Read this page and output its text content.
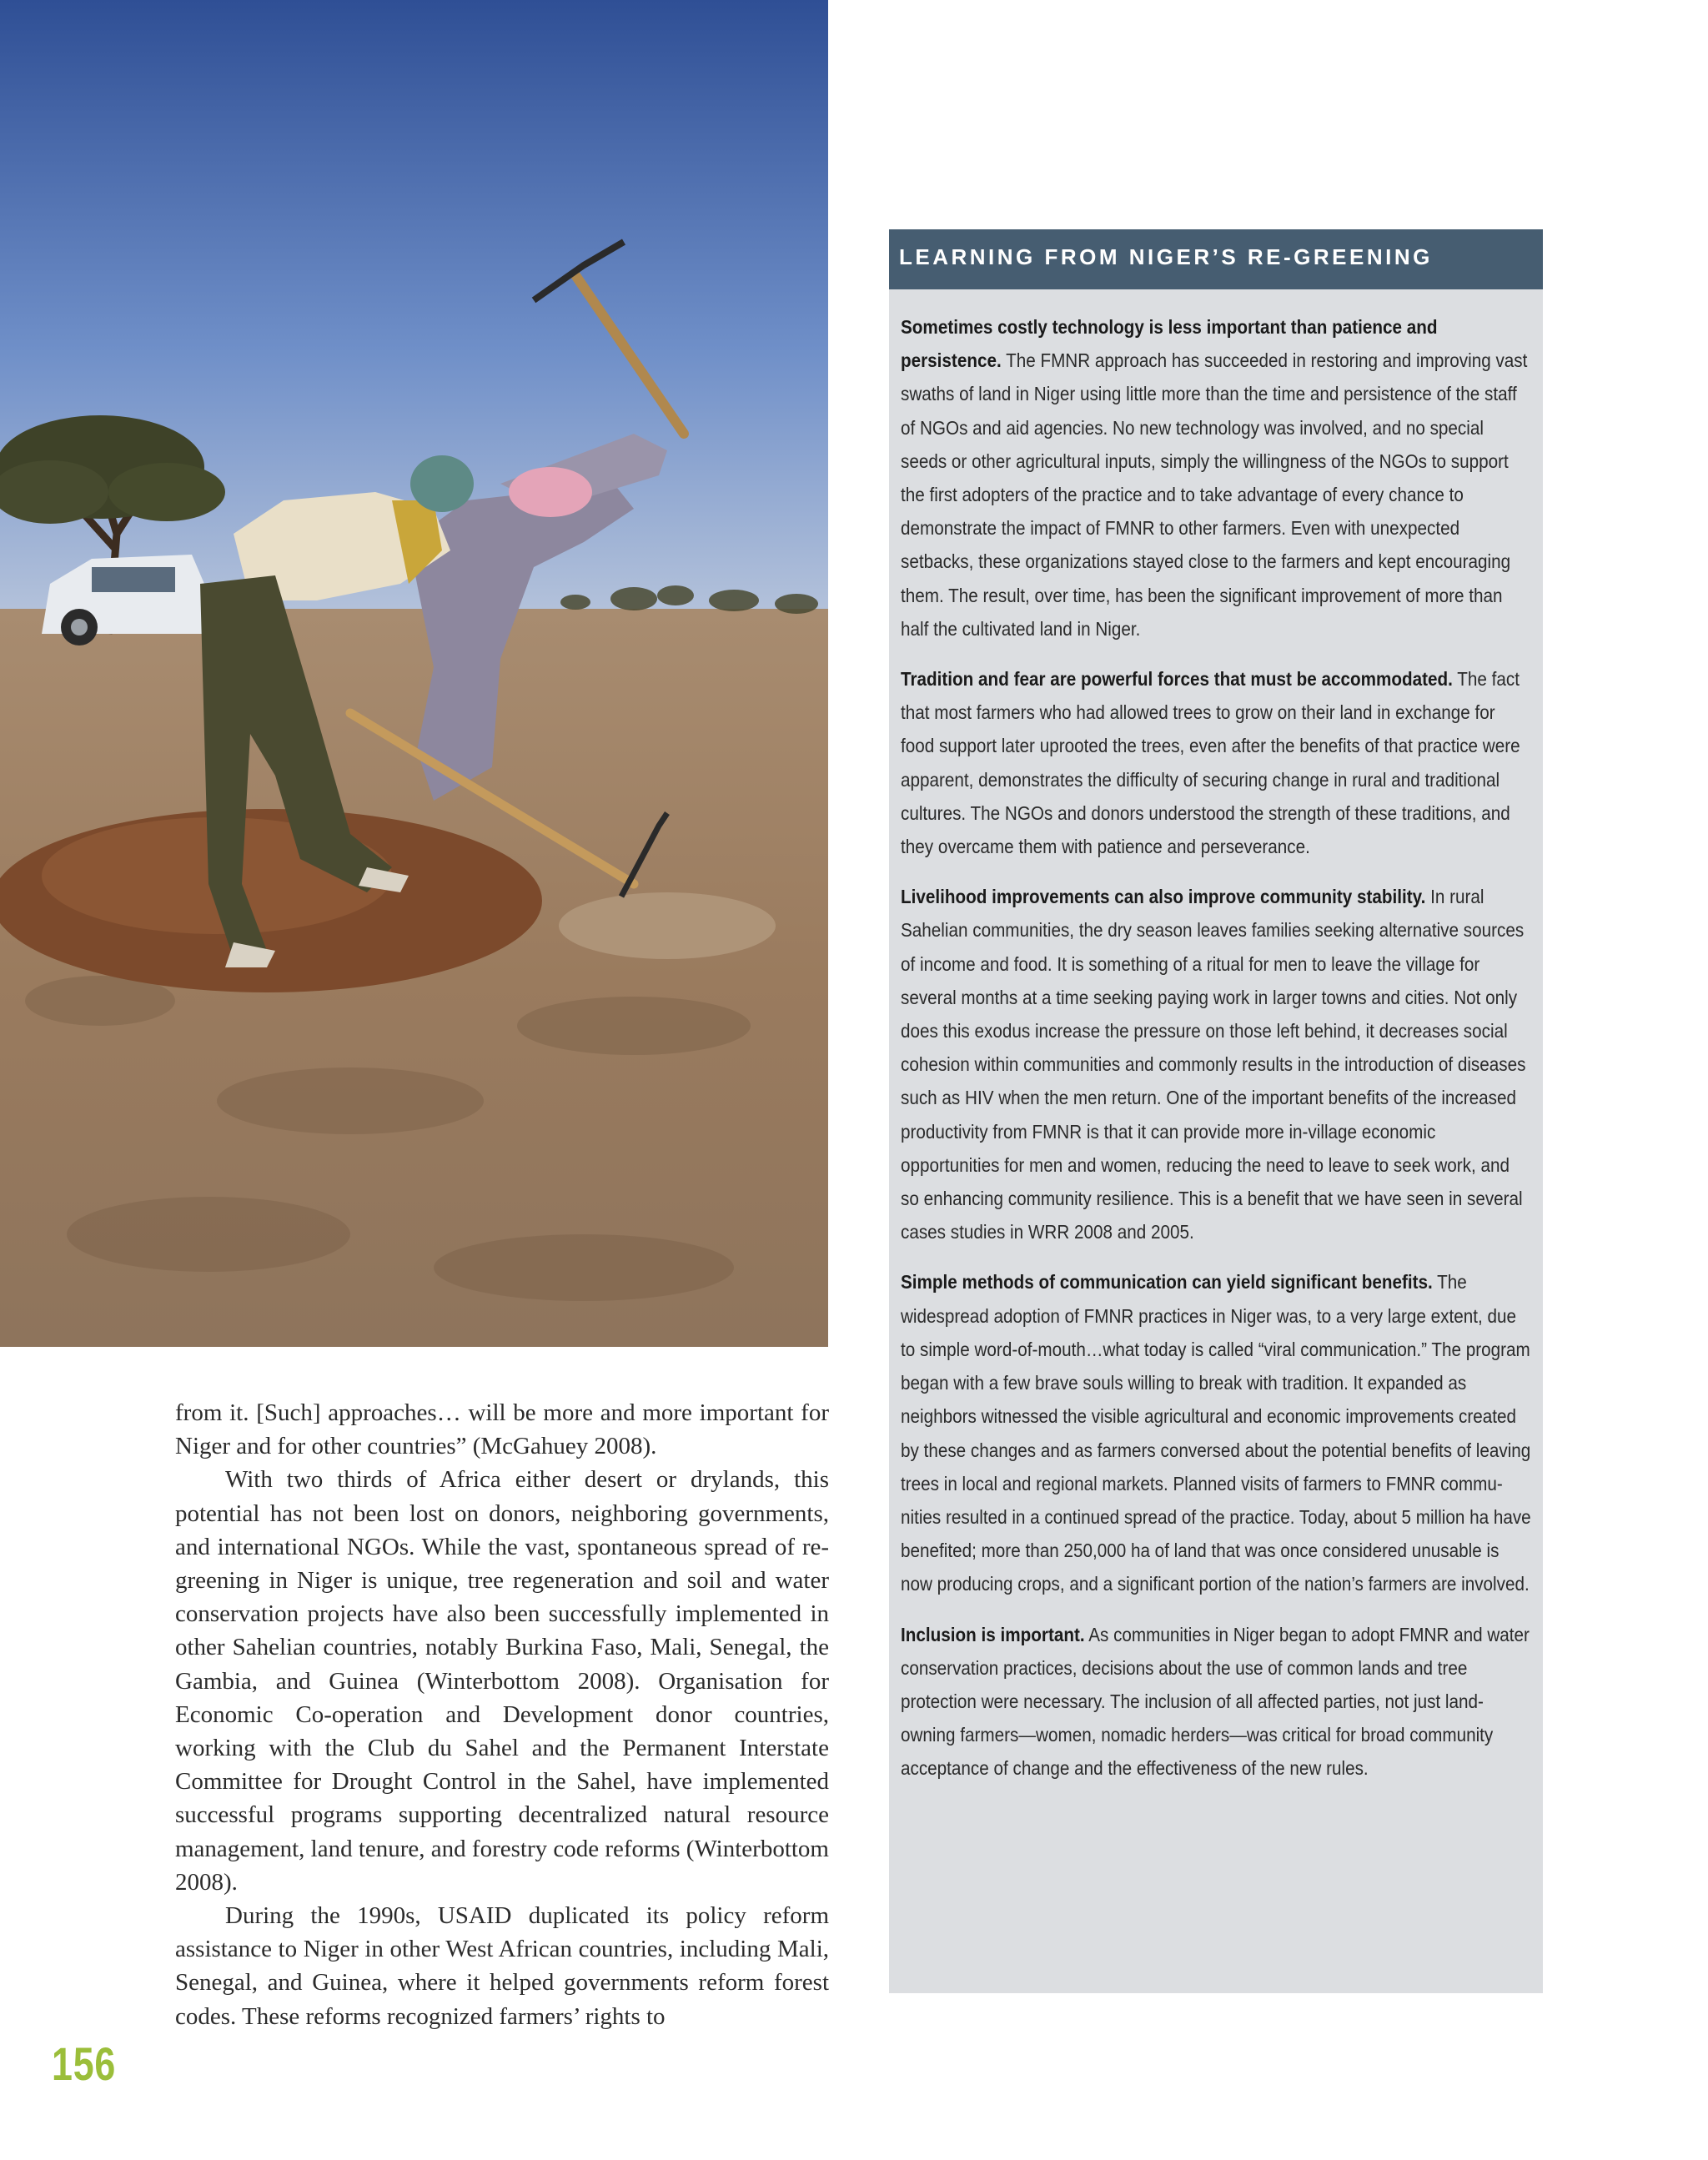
LEARNING FROM NIGER’S RE-GREENING

Sometimes costly technology is less important than patience and persistence. The FMNR approach has succeeded in restoring and improving vast swaths of land in Niger using little more than the time and persistence of the staff of NGOs and aid agencies. No new technology was involved, and no special seeds or other agricultural inputs, simply the willingness of the NGOs to support the first adopters of the practice and to take advantage of every chance to demonstrate the impact of FMNR to other farmers. Even with unexpected setbacks, these organizations stayed close to the farmers and kept encouraging them. The result, over time, has been the significant improvement of more than half the cultivated land in Niger.

Tradition and fear are powerful forces that must be accommodated. The fact that most farmers who had allowed trees to grow on their land in exchange for food support later uprooted the trees, even after the benefits of that practice were apparent, demonstrates the difficulty of securing change in rural and traditional cultures. The NGOs and donors understood the strength of these traditions, and they overcame them with patience and perseverance.

Livelihood improvements can also improve community stability. In rural Sahelian communities, the dry season leaves families seeking alternative sources of income and food. It is something of a ritual for men to leave the village for several months at a time seeking paying work in larger towns and cities. Not only does this exodus increase the pressure on those left behind, it decreases social cohesion within communities and commonly results in the introduction of diseases such as HIV when the men return. One of the important benefits of the increased productivity from FMNR is that it can provide more in-village economic opportunities for men and women, reducing the need to leave to seek work, and so enhancing community resilience. This is a benefit that we have seen in several cases studies in WRR 2008 and 2005.

Simple methods of communication can yield significant benefits. The widespread adoption of FMNR practices in Niger was, to a very large extent, due to simple word-of-mouth…what today is called “viral communication.” The program began with a few brave souls willing to break with tradition. It expanded as neighbors witnessed the visible agricultural and economic improvements created by these changes and as farmers conversed about the potential benefits of leaving trees in local and regional markets. Planned visits of farmers to FMNR communities resulted in a continued spread of the practice. Today, about 5 million ha have benefited; more than 250,000 ha of land that was once considered unusable is now producing crops, and a significant portion of the nation’s farmers are involved.

Inclusion is important. As communities in Niger began to adopt FMNR and water conservation practices, decisions about the use of common lands and tree protection were necessary. The inclusion of all affected parties, not just land-owning farmers—women, nomadic herders—was critical for broad community acceptance of change and the effectiveness of the new rules.

from it. [Such] approaches… will be more and more important for Niger and for other countries” (McGahuey 2008).

With two thirds of Africa either desert or drylands, this potential has not been lost on donors, neighboring governments, and international NGOs. While the vast, spontaneous spread of re-greening in Niger is unique, tree regeneration and soil and water conservation projects have also been successfully implemented in other Sahelian countries, notably Burkina Faso, Mali, Senegal, the Gambia, and Guinea (Winterbottom 2008). Organisation for Economic Co-operation and Development donor countries, working with the Club du Sahel and the Permanent Interstate Committee for Drought Control in the Sahel, have implemented successful programs supporting decentralized natural resource management, land tenure, and forestry code reforms (Winterbottom 2008).

During the 1990s, USAID duplicated its policy reform assistance to Niger in other West African countries, including Mali, Senegal, and Guinea, where it helped governments reform forest codes. These reforms recognized farmers’ rights to

156
